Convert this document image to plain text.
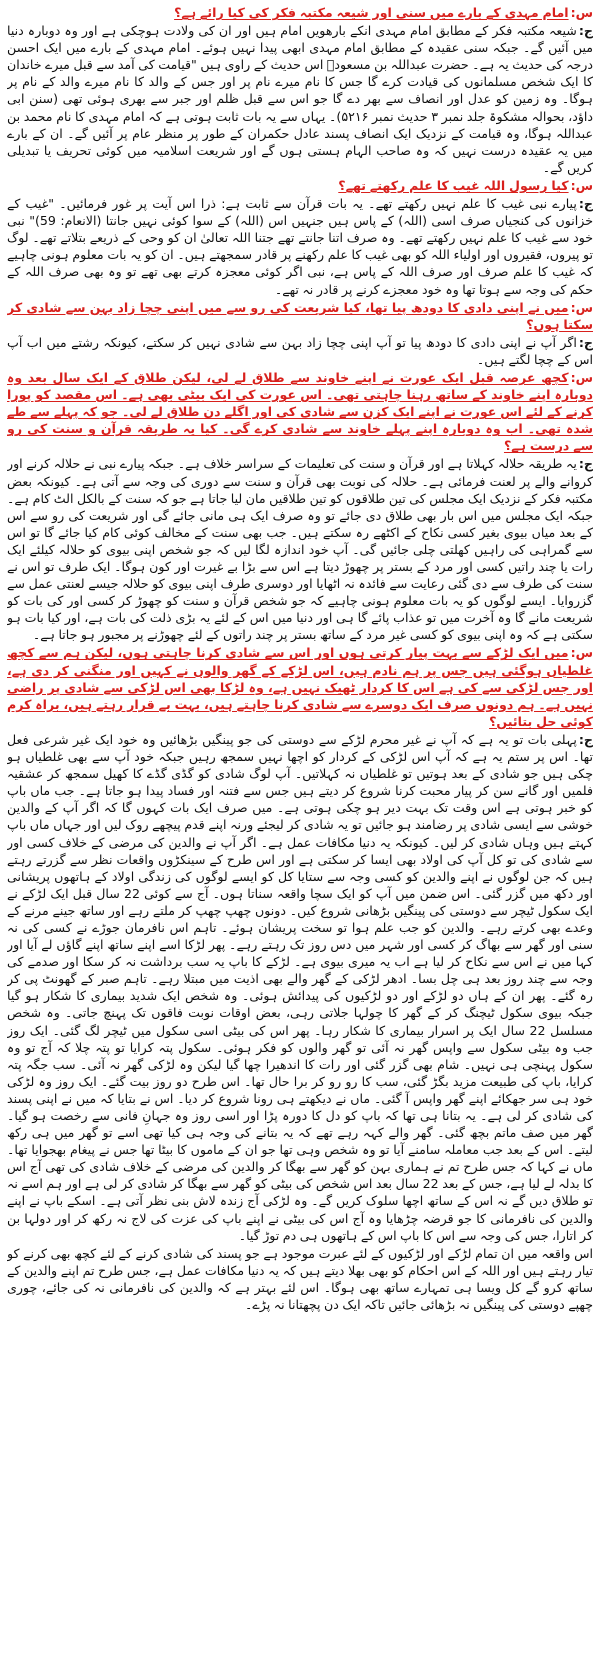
س:امام مہدی کے بارے میں سنی اور شیعہ مکتبہ فکر کی کیا رائے ہے؟

ج:شیعہ مکتبہ فکر کے مطابق امام مہدی انکے بارھویں امام ہیں اور ان کی ولادت ہوچکی ہے اور وہ دوبارہ دنیا میں آئیں گے۔ جبکہ سنی عقیدہ کے مطابق امام مہدی ابھی پیدا نہیں ہوئے۔ امام مہدی کے بارے میں ایک احسن درجہ کی حدیث یہ ہے۔ حضرت عبداللہ بن مسعودؓ اس حدیث کے راوی ہیں "قیامت کی آمد سے قبل میرے خاندان کا ایک شخص مسلمانوں کی قیادت کرے گا جس کا نام میرے نام پر اور جس کے والد کا نام میرے والد کے نام پر ہوگا۔ وہ زمین کو عدل اور انصاف سے بھر دے گا جو اس سے قبل ظلم اور جبر سے بھری ہوئی تھی (سنن ابی داؤد، بحوالہ مشکوۃ جلد نمبر ۳ حدیث نمبر ۵۲۱۶)۔ یہاں سے یہ بات ثابت ہوتی ہے کہ امام مہدی کا نام محمد بن عبداللہ ہوگا، وہ قیامت کے نزدیک ایک انصاف پسند عادل حکمران کے طور پر منظر عام پر آئیں گے۔ ان کے بارے میں یہ عقیدہ درست نہیں کہ وہ صاحب الہام ہستی ہوں گے اور شریعت اسلامیہ میں کوئی تحریف یا تبدیلی کریں گے۔

س:کیا رسول اللہ غیب کا علم رکھتے تھے؟

ج:پیارے نبی غیب کا علم نہیں رکھتے تھے۔ یہ بات قرآن سے ثابت ہے: ذرا اس آیت پر غور فرمائیں۔ "غیب کے خزانوں کی کنجیاں صرف اسی (اللہ) کے پاس ہیں جنہیں اس (اللہ) کے سوا کوئی نہیں جانتا (الانعام: 59)" نبی خود سے غیب کا علم نہیں رکھتے تھے۔ وہ صرف اتنا جانتے تھے جتنا اللہ تعالیٰ ان کو وحی کے ذریعے بتلاتے تھے۔ لوگ تو پیروں، فقیروں اور اولیاء اللہ کو بھی غیب کا علم رکھنے پر قادر سمجھتے ہیں۔ ان کو یہ بات معلوم ہونی چاہیے کہ غیب کا علم صرف اور صرف اللہ کے پاس ہے، نبی اگر کوئی معجزہ کرتے بھی تھے تو وہ بھی صرف اللہ کے حکم کی وجہ سے ہوتا تھا وہ خود معجزے کرنے پر قادر نہ تھے۔

س:میں نے اپنی دادی کا دودھ پیا تھا، کیا شریعت کی رو سے میں اپنی چچا زاد بہن سے شادی کر سکتا ہوں؟

ج:اگر آپ نے اپنی دادی کا دودھ پیا تو آپ اپنی چچا زاد بہن سے شادی نہیں کر سکتے، کیونکہ رشتے میں اب آپ اس کے چچا لگتے ہیں۔

س:کچھ عرصہ قبل ایک عورت نے اپنے خاوند سے طلاق لے لی، لیکن طلاق کے ایک سال بعد وہ دوبارہ اپنے خاوند کے ساتھ رہنا چاہتی تھی۔ اس عورت کی ایک بیٹی بھی ہے۔ اس مقصد کو پورا کرنے کے لئے اس عورت نے اپنے ایک کزن سے شادی کی اور اگلے دن طلاق لے لی۔ جو کہ پہلے سے طے شدہ تھی۔ اب وہ دوبارہ اپنے پہلے خاوند سے شادی کرے گی۔ کیا یہ طریقہ قرآن و سنت کی رو سے درست ہے؟

ج:یہ طریقہ حلالہ کہلاتا ہے اور قرآن و سنت کی تعلیمات کے سراسر خلاف ہے۔ جبکہ پیارے نبی نے حلالہ کرنے اور کروانے والے پر لعنت فرمائی ہے۔ حلالہ کی نوبت بھی قرآن و سنت سے دوری کی وجہ سے آتی ہے۔ کیونکہ بعض مکتبہ فکر کے نزدیک ایک مجلس کی تین طلاقوں کو تین طلاقیں مان لیا جاتا ہے جو کہ سنت کے بالکل الٹ کام ہے۔ جبکہ ایک مجلس میں اس بار بھی طلاق دی جائے تو وہ صرف ایک ہی مانی جائے گی اور شریعت کی رو سے اس کے بعد میاں بیوی بغیر کسی نکاح کے اکٹھے رہ سکتے ہیں۔ جب بھی سنت کے مخالف کوئی کام کیا جائے گا تو اس سے گمراہی کی راہیں کھلتی چلی جائیں گی۔ آپ خود اندازہ لگا لیں کہ جو شخص اپنی بیوی کو حلالہ کیلئے ایک رات یا چند راتیں کسی اور مرد کے بستر پر چھوڑ دیتا ہے اس سے بڑا بے غیرت اور کون ہوگا۔ ایک طرف تو اس نے سنت کی طرف سے دی گئی رعایت سے فائدہ نہ اٹھایا اور دوسری طرف اپنی بیوی کو حلالہ جیسے لعنتی عمل سے گزروایا۔ ایسے لوگوں کو یہ بات معلوم ہونی چاہیے کہ جو شخص قرآن و سنت کو چھوڑ کر کسی اور کی بات کو شریعت مانے گا وہ آخرت میں تو عذاب پائے گا ہی اور دنیا میں اس کے لئے یہ بڑی ذلت کی بات ہے، اور کیا بات ہو سکتی ہے کہ وہ اپنی بیوی کو کسی غیر مرد کے ساتھ بستر پر چند راتوں کے لئے چھوڑنے پر مجبور ہو جاتا ہے۔

س:میں ایک لڑکے سے بہت پیار کرتی ہوں اور اس سے شادی کرنا چاہتی ہوں، لیکن ہم سے کچھ غلطیاں ہوگئی ہیں جس پر ہم نادم ہیں، اس لڑکے کے گھر والوں نے کہیں اور منگنی کر دی ہے، اور جس لڑکی سے کی ہے اس کا کردار ٹھیک نہیں ہے، وہ لڑکا بھی اس لڑکی سے شادی پر راضی نہیں ہے۔ ہم دونوں صرف ایک دوسرے سے شادی کرنا چاہتے ہیں، بہت بے قرار رہتے ہیں، براہ کرم کوئی حل بتائیں؟

ج:پہلی بات تو یہ ہے کہ آپ نے غیر محرم لڑکے سے دوستی کی جو پینگیں بڑھائیں وہ خود ایک غیر شرعی فعل تھا۔ اس پر ستم یہ ہے کہ آپ اس لڑکی کے کردار کو اچھا نہیں سمجھ رہیں جبکہ خود آپ سے بھی غلطیاں ہو چکی ہیں جو شادی کے بعد ہوتیں تو غلطیاں نہ کہلاتیں۔ آپ لوگ شادی کو گڈی گڈے کا کھیل سمجھ کر عشقیہ فلمیں اور گانے سن کر پیار محبت کرنا شروع کر دیتے ہیں جس سے فتنہ اور فساد پیدا ہو جاتا ہے۔ جب ماں باپ کو خبر ہوتی ہے اس وقت تک بہت دیر ہو چکی ہوتی ہے۔ میں صرف ایک بات کہوں گا کہ اگر آپ کے والدین خوشی سے ایسی شادی پر رضامند ہو جائیں تو یہ شادی کر لیجئے ورنہ اپنے قدم پیچھے روک لیں اور جہاں ماں باپ کہتے ہیں وہاں شادی کر لیں۔ کیونکہ یہ دنیا مکافات عمل ہے۔ اگر آپ نے والدین کی مرضی کے خلاف کسی اور سے شادی کی تو کل آپ کی اولاد بھی ایسا کر سکتی ہے اور اس طرح کے سینکڑوں واقعات نظر سے گزرتے رہتے ہیں کہ جن لوگوں نے اپنے والدین کو کسی وجہ سے ستایا کل کو ایسے لوگوں کی زندگی اولاد کے ہاتھوں پریشانی اور دکھ میں گزر گئی۔ اس ضمن میں آپ کو ایک سچا واقعہ سناتا ہوں۔ آج سے کوئی 22 سال قبل ایک لڑکے نے ایک سکول ٹیچر سے دوستی کی پینگیں بڑھانی شروع کیں۔ دونوں چھپ چھپ کر ملتے رہے اور ساتھ جینے مرنے کے وعدے بھی کرتے رہے۔ والدین کو جب علم ہوا تو سخت پریشان ہوئے۔ تاہم اس نافرمان جوڑے نے کسی کی نہ سنی اور گھر سے بھاگ کر کسی اور شہر میں دس روز تک رہتے رہے۔ پھر لڑکا اسے اپنے ساتھ اپنے گاؤں لے آیا اور کہا میں نے اس سے نکاح کر لیا ہے اب یہ میری بیوی ہے۔ لڑکے کا باپ یہ سب برداشت نہ کر سکا اور صدمے کی وجہ سے چند روز بعد ہی چل بسا۔ ادھر لڑکی کے گھر والے بھی اذیت میں مبتلا رہے۔ تاہم صبر کے گھونٹ پی کر رہ گئے۔ پھر ان کے ہاں دو لڑکے اور دو لڑکیوں کی پیدائش ہوئی۔ وہ شخص ایک شدید بیماری کا شکار ہو گیا جبکہ بیوی سکول ٹیچنگ کر کے گھر کا چولہا جلاتی رہی، بعض اوقات نوبت فاقوں تک پہنچ جاتی۔ وہ شخص مسلسل 22 سال ایک پر اسرار بیماری کا شکار رہا۔ پھر اس کی بیٹی اسی سکول میں ٹیچر لگ گئی۔ ایک روز جب وہ بیٹی سکول سے واپس گھر نہ آئی تو گھر والوں کو فکر ہوئی۔ سکول پتہ کرایا تو پتہ چلا کہ آج تو وہ سکول پہنچی ہی نہیں۔ شام بھی گزر گئی اور رات کا اندھیرا چھا گیا لیکن وہ لڑکی گھر نہ آئی۔ سب جگہ پتہ کرایا، باپ کی طبیعت مزید بگڑ گئی، سب کا رو رو کر برا حال تھا۔ اس طرح دو روز بیت گئے۔ ایک روز وہ لڑکی خود ہی سر جھکائے اپنے گھر واپس آ گئی۔ ماں نے دیکھتے ہی رونا شروع کر دیا۔ اس نے بتایا کہ میں نے اپنی پسند کی شادی کر لی ہے۔ یہ بتانا ہی تھا کہ باپ کو دل کا دورہ پڑا اور اسی روز وہ جہانِ فانی سے رخصت ہو گیا۔ گھر میں صف ماتم بچھ گئی۔ گھر والے کہہ رہے تھے کہ یہ بتانے کی وجہ ہی کیا تھی اسے تو گھر میں ہی رکھ لیتے۔ اس کے بعد جب معاملہ سامنے آیا تو وہ شخص وہی تھا جو ان کے ماموں کا بیٹا تھا جس نے پیغام بھجوایا تھا۔ ماں نے کہا کہ جس طرح تم نے ہماری بہن کو گھر سے بھگا کر والدین کی مرضی کے خلاف شادی کی تھی آج اس کا بدلہ لے لیا ہے، جس کے بعد 22 سال بعد اس شخص کی بیٹی کو گھر سے بھگا کر شادی کر لی ہے اور ہم اسے نہ تو طلاق دیں گے نہ اس کے ساتھ اچھا سلوک کریں گے۔ وہ لڑکی آج زندہ لاش بنی نظر آتی ہے۔ اسکے باپ نے اپنے والدین کی نافرمانی کا جو قرضہ چڑھایا وہ آج اس کی بیٹی نے اپنے باپ کی عزت کی لاج نہ رکھ کر اور دولہا بن کر اتارا، جس کی وجہ سے اس کا باپ اس کے ہاتھوں ہی دم توڑ گیا۔

اس واقعہ میں ان تمام لڑکے اور لڑکیوں کے لئے عبرت موجود ہے جو پسند کی شادی کرنے کے لئے کچھ بھی کرنے کو تیار رہتے ہیں اور اللہ کے اس احکام کو بھی بھلا دیتے ہیں کہ یہ دنیا مکافات عمل ہے، جس طرح تم اپنے والدین کے ساتھ کرو گے کل ویسا ہی تمہارے ساتھ بھی ہوگا۔ اس لئے بہتر ہے کہ والدین کی نافرمانی نہ کی جائے، چوری چھپے دوستی کی پینگیں نہ بڑھائی جائیں تاکہ ایک دن پچھتانا نہ پڑے۔
